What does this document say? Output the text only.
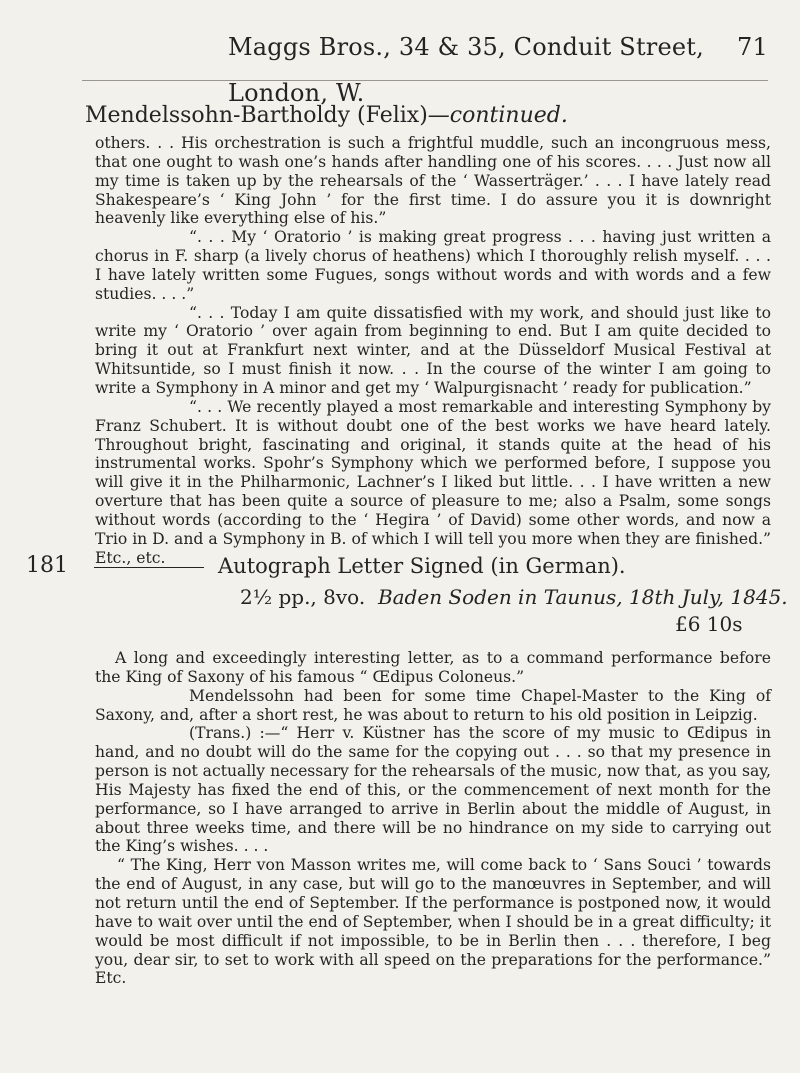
Maggs Bros., 34 & 35, Conduit Street, London, W.
71
Mendelssohn-Bartholdy (Felix)—continued.

others. . . His orchestration is such a frightful muddle, such an incongruous mess, that one ought to wash one’s hands after handling one of his scores. . . . Just now all my time is taken up by the rehearsals of the ‘ Wasserträger.’ . . . I have lately read Shakespeare’s ‘ King John ’ for the first time. I do assure you it is downright heavenly like everything else of his.”

“. . . My ‘ Oratorio ’ is making great progress . . . having just written a chorus in F. sharp (a lively chorus of heathens) which I thoroughly relish myself. . . . I have lately written some Fugues, songs without words and with words and a few studies. . . .”

“. . . Today I am quite dissatisfied with my work, and should just like to write my ‘ Oratorio ’ over again from beginning to end. But I am quite decided to bring it out at Frankfurt next winter, and at the Düsseldorf Musical Festival at Whitsuntide, so I must finish it now. . . In the course of the winter I am going to write a Symphony in A minor and get my ‘ Walpurgisnacht ’ ready for publication.”

“. . . We recently played a most remarkable and interesting Symphony by Franz Schubert. It is without doubt one of the best works we have heard lately. Throughout bright, fascinating and original, it stands quite at the head of his instrumental works. Spohr’s Symphony which we performed before, I suppose you will give it in the Philharmonic, Lachner’s I liked but little. . . I have written a new overture that has been quite a source of pleasure to me; also a Psalm, some songs without words (according to the ‘ Hegira ’ of David) some other words, and now a Trio in D. and a Symphony in B. of which I will tell you more when they are finished.” Etc., etc.

181	Autograph Letter Signed (in German).
2½ pp., 8vo. Baden Soden in Taunus, 18th July, 1845.
£6 10s

A long and exceedingly interesting letter, as to a command performance before the King of Saxony of his famous “ Œdipus Coloneus.”

Mendelssohn had been for some time Chapel-Master to the King of Saxony, and, after a short rest, he was about to return to his old position in Leipzig.

(Trans.) :—“ Herr v. Küstner has the score of my music to Œdipus in hand, and no doubt will do the same for the copying out . . . so that my presence in person is not actually necessary for the rehearsals of the music, now that, as you say, His Majesty has fixed the end of this, or the commencement of next month for the performance, so I have arranged to arrive in Berlin about the middle of August, in about three weeks time, and there will be no hindrance on my side to carrying out the King’s wishes. . . .

“ The King, Herr von Masson writes me, will come back to ‘ Sans Souci ’ towards the end of August, in any case, but will go to the manœuvres in September, and will not return until the end of September. If the performance is postponed now, it would have to wait over until the end of September, when I should be in a great difficulty; it would be most difficult if not impossible, to be in Berlin then . . . therefore, I beg you, dear sir, to set to work with all speed on the preparations for the performance.” Etc.
